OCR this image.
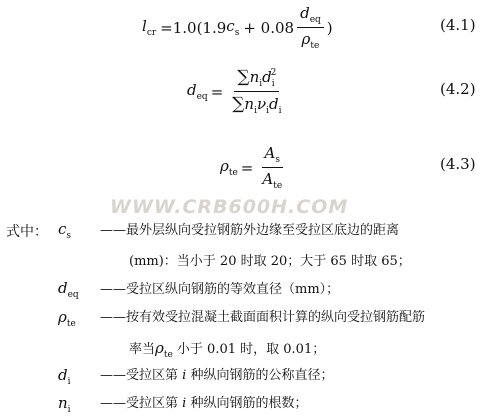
$l_{cr} =1.0(1.9$ $c_s + 0.08 \frac{d_{eq}}{\rho_{te}}$ )	(4.1)
$d_{eq} = \frac{\sum n_id_i^2}{\sum n_i\nu_id_i}$	(4.2)
$\rho_{te} = \frac{A_s}{A_{te}}$	(4.3)
WWW.CRB600H.COM
式中： $c_s$ ——最外层纵向受拉钢筋外边缘至受拉区底边的距离
(mm)：当小于 20 时取 20；大于 65 时取 65；
$d_{eq}$ ——受拉区纵向钢筋的等效直径（mm）；
$\rho_{te}$ ——按有效受拉混凝土截面面积计算的纵向受拉钢筋配筋
率当$\rho_{te}$ 小于 0.01 时，取 0.01；
$d_i$ ——受拉区第 i 种纵向钢筋的公称直径；
$n_i$ ——受拉区第 i 种纵向钢筋的根数；
